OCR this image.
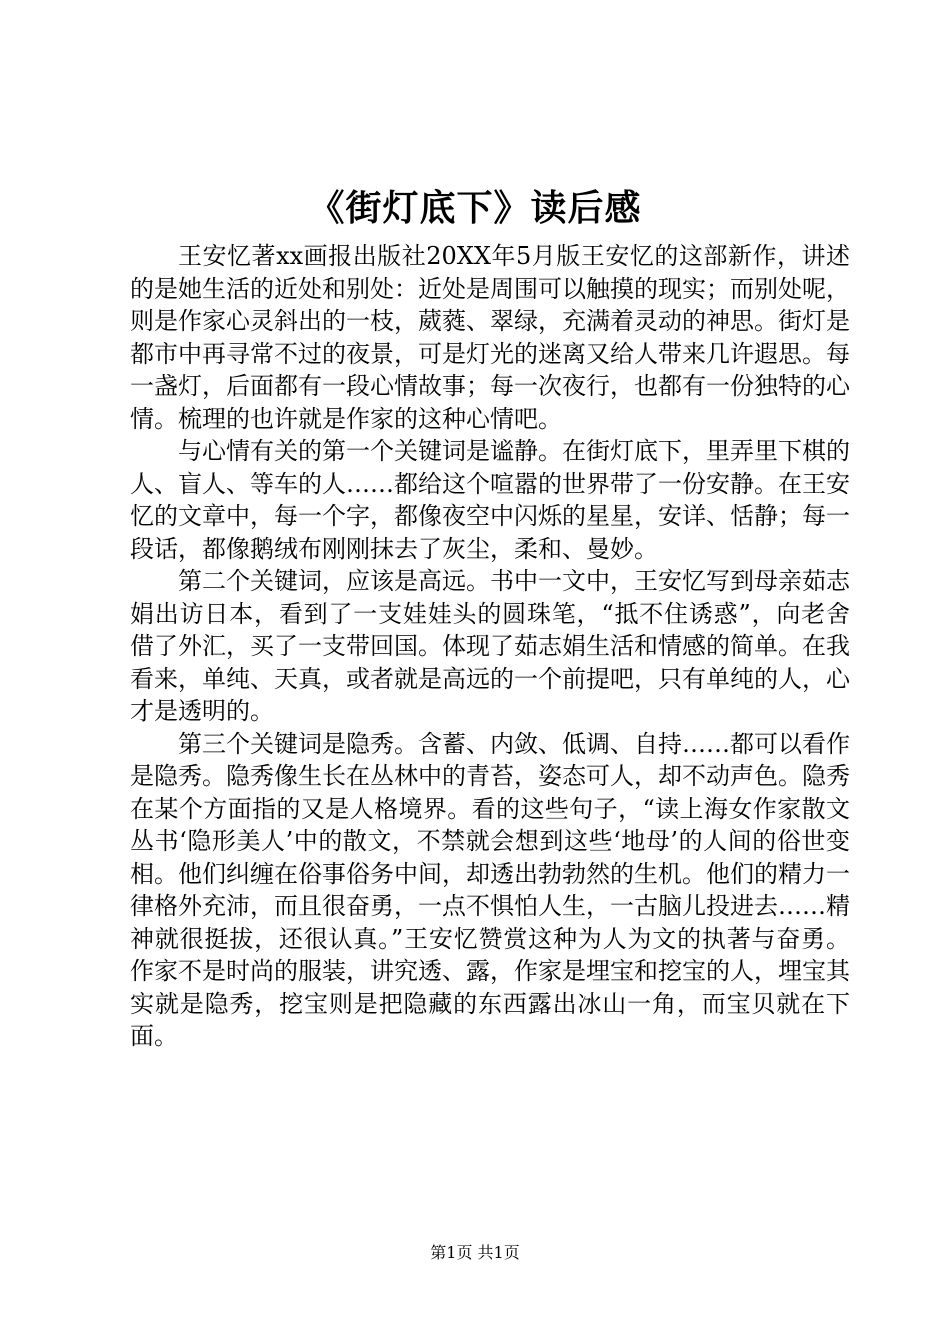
《街灯底下》读后感

王安忆著xx画报出版社20XX年5月版王安忆的这部新作，讲述的是她生活的近处和别处：近处是周围可以触摸的现实；而别处呢，则是作家心灵斜出的一枝，葳蕤、翠绿，充满着灵动的神思。街灯是都市中再寻常不过的夜景，可是灯光的迷离又给人带来几许遐思。每一盏灯，后面都有一段心情故事；每一次夜行，也都有一份独特的心情。梳理的也许就是作家的这种心情吧。

与心情有关的第一个关键词是谧静。在街灯底下，里弄里下棋的人、盲人、等车的人……都给这个喧嚣的世界带了一份安静。在王安忆的文章中，每一个字，都像夜空中闪烁的星星，安详、恬静；每一段话，都像鹅绒布刚刚抹去了灰尘，柔和、曼妙。

第二个关键词，应该是高远。书中一文中，王安忆写到母亲茹志娟出访日本，看到了一支娃娃头的圆珠笔，“抵不住诱惑”，向老舍借了外汇，买了一支带回国。体现了茹志娟生活和情感的简单。在我看来，单纯、天真，或者就是高远的一个前提吧，只有单纯的人，心才是透明的。

第三个关键词是隐秀。含蓄、内敛、低调、自持……都可以看作是隐秀。隐秀像生长在丛林中的青苔，姿态可人，却不动声色。隐秀在某个方面指的又是人格境界。看的这些句子，“读上海女作家散文丛书‘隐形美人’中的散文，不禁就会想到这些‘地母’的人间的俗世变相。他们纠缠在俗事俗务中间，却透出勃勃然的生机。他们的精力一律格外充沛，而且很奋勇，一点不惧怕人生，一古脑儿投进去……精神就很挺拔，还很认真。”王安忆赞赏这种为人为文的执著与奋勇。作家不是时尚的服装，讲究透、露，作家是埋宝和挖宝的人，埋宝其实就是隐秀，挖宝则是把隐藏的东西露出冰山一角，而宝贝就在下面。

第1页 共1页
